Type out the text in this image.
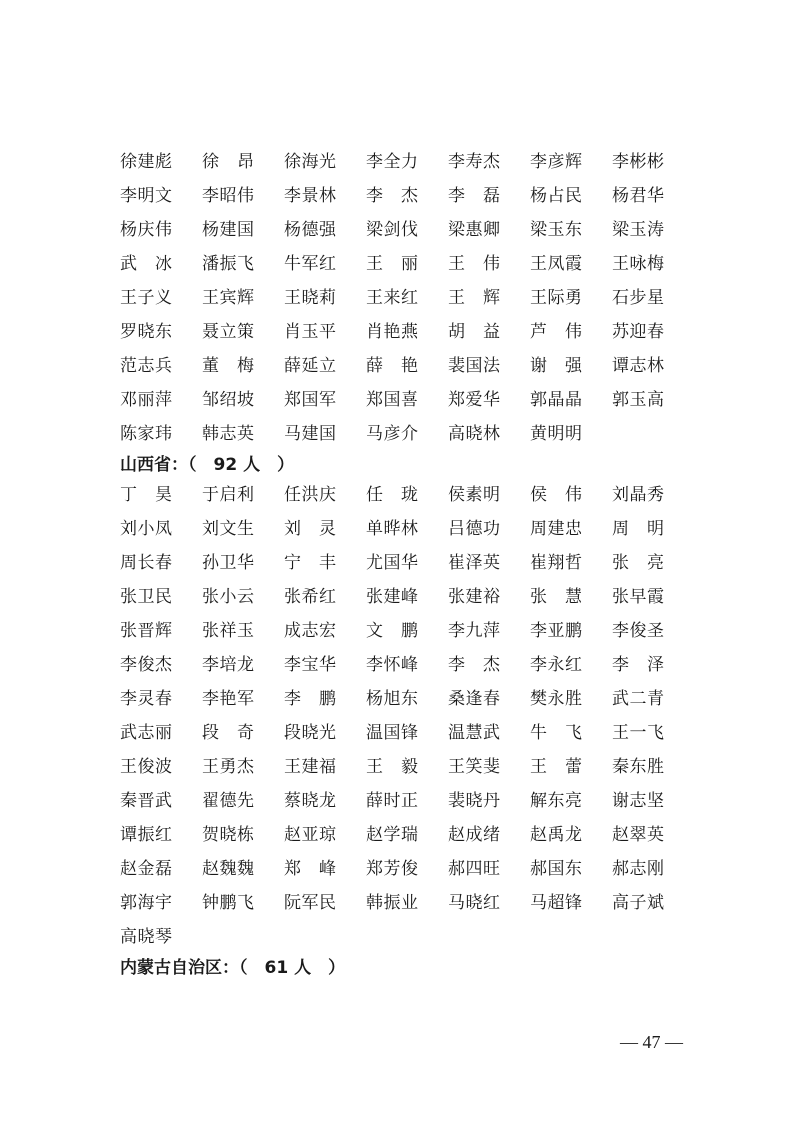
徐建彪	徐　昂	徐海光	李全力	李寿杰	李彦辉	李彬彬
李明文	李昭伟	李景林	李　杰	李　磊	杨占民	杨君华
杨庆伟	杨建国	杨德强	梁剑伐	梁惠卿	梁玉东	梁玉涛
武　冰	潘振飞	牛军红	王　丽	王　伟	王凤霞	王咏梅
王子义	王宾辉	王晓莉	王来红	王　辉	王际勇	石步星
罗晓东	聂立策	肖玉平	肖艳燕	胡　益	芦　伟	苏迎春
范志兵	董　梅	薛延立	薛　艳	裴国法	谢　强	谭志林
邓丽萍	邹绍坡	郑国军	郑国喜	郑爱华	郭晶晶	郭玉高
陈家玮	韩志英	马建国	马彦介	高晓林	黄明明
山西省：（　92 人　）
丁　昊	于启利	任洪庆	任　珑	侯素明	侯　伟	刘晶秀
刘小凤	刘文生	刘　灵	单晔林	吕德功	周建忠	周　明
周长春	孙卫华	宁　丰	尤国华	崔泽英	崔翔哲	张　亮
张卫民	张小云	张希红	张建峰	张建裕	张　慧	张早霞
张晋辉	张祥玉	成志宏	文　鹏	李九萍	李亚鹏	李俊圣
李俊杰	李培龙	李宝华	李怀峰	李　杰	李永红	李　泽
李灵春	李艳军	李　鹏	杨旭东	桑逢春	樊永胜	武二青
武志丽	段　奇	段晓光	温国锋	温慧武	牛　飞	王一飞
王俊波	王勇杰	王建福	王　毅	王笑斐	王　蕾	秦东胜
秦晋武	翟德先	蔡晓龙	薛时正	裴晓丹	解东亮	谢志坚
谭振红	贺晓栋	赵亚琼	赵学瑞	赵成绪	赵禹龙	赵翠英
赵金磊	赵魏魏	郑　峰	郑芳俊	郝四旺	郝国东	郝志刚
郭海宇	钟鹏飞	阮军民	韩振业	马晓红	马超锋	高子斌
高晓琴
内蒙古自治区：（　61 人　）
— 47 —
